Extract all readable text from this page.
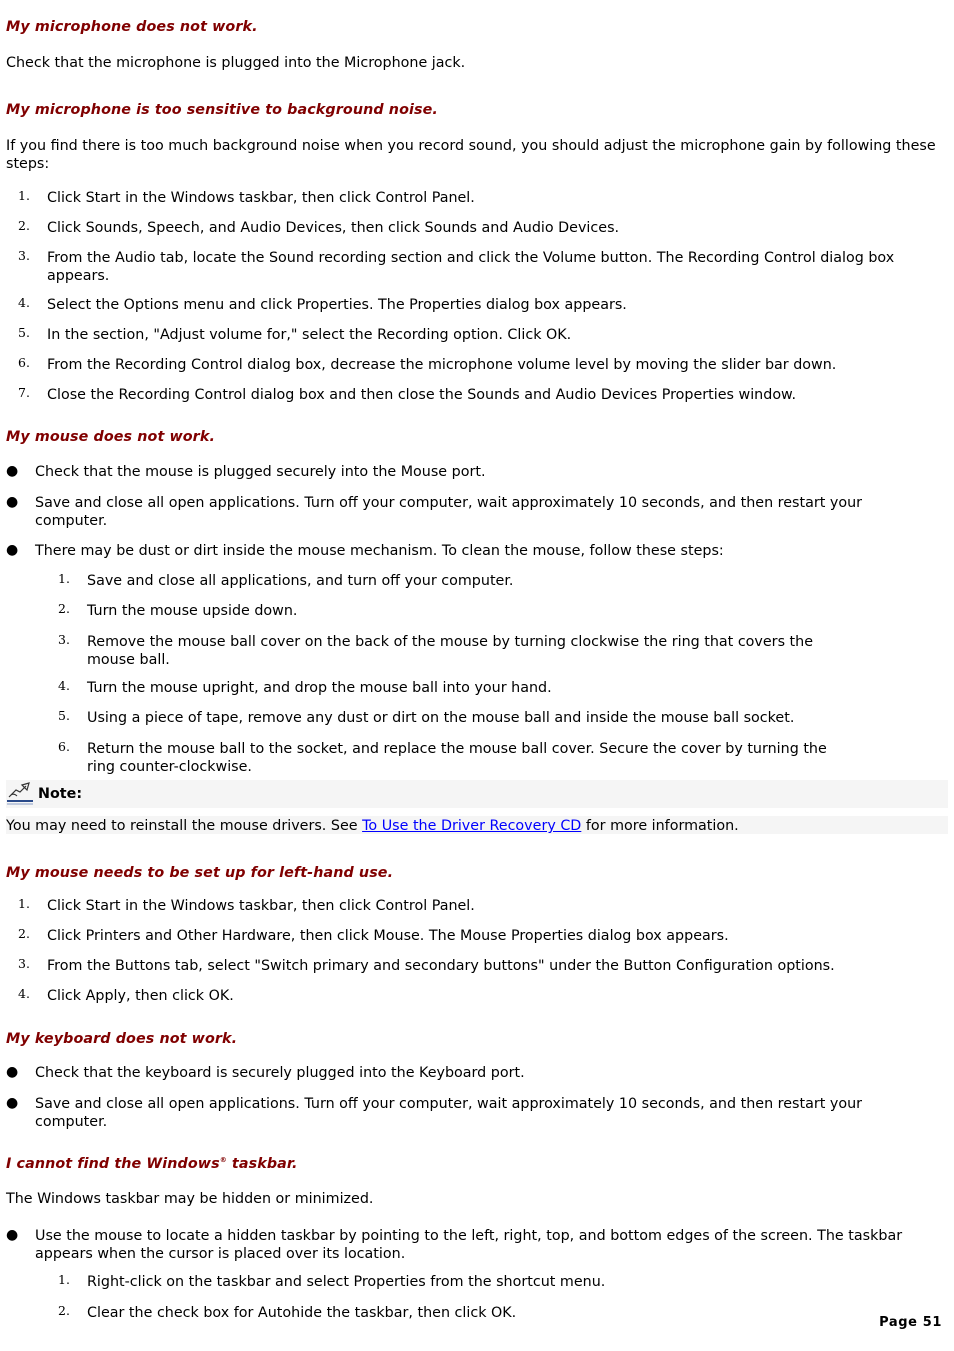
My microphone does not work.

Check that the microphone is plugged into the Microphone jack.

My microphone is too sensitive to background noise.

If you find there is too much background noise when you record sound, you should adjust the microphone gain by following these steps:

1. Click Start in the Windows taskbar, then click Control Panel.
2. Click Sounds, Speech, and Audio Devices, then click Sounds and Audio Devices.
3. From the Audio tab, locate the Sound recording section and click the Volume button. The Recording Control dialog box appears.
4. Select the Options menu and click Properties. The Properties dialog box appears.
5. In the section, "Adjust volume for," select the Recording option. Click OK.
6. From the Recording Control dialog box, decrease the microphone volume level by moving the slider bar down.
7. Close the Recording Control dialog box and then close the Sounds and Audio Devices Properties window.
My mouse does not work.
● Check that the mouse is plugged securely into the Mouse port.
● Save and close all open applications. Turn off your computer, wait approximately 10 seconds, and then restart your computer.
● There may be dust or dirt inside the mouse mechanism. To clean the mouse, follow these steps:
1. Save and close all applications, and turn off your computer.
2. Turn the mouse upside down.
3. Remove the mouse ball cover on the back of the mouse by turning clockwise the ring that covers the mouse ball.
4. Turn the mouse upright, and drop the mouse ball into your hand.
5. Using a piece of tape, remove any dust or dirt on the mouse ball and inside the mouse ball socket.
6. Return the mouse ball to the socket, and replace the mouse ball cover. Secure the cover by turning the ring counter-clockwise.
Note:

You may need to reinstall the mouse drivers. See To Use the Driver Recovery CD for more information.

My mouse needs to be set up for left-hand use.
1. Click Start in the Windows taskbar, then click Control Panel.
2. Click Printers and Other Hardware, then click Mouse. The Mouse Properties dialog box appears.
3. From the Buttons tab, select "Switch primary and secondary buttons" under the Button Configuration options.
4. Click Apply, then click OK.
My keyboard does not work.
● Check that the keyboard is securely plugged into the Keyboard port.
● Save and close all open applications. Turn off your computer, wait approximately 10 seconds, and then restart your computer.
I cannot find the Windows® taskbar.

The Windows taskbar may be hidden or minimized.

● Use the mouse to locate a hidden taskbar by pointing to the left, right, top, and bottom edges of the screen. The taskbar appears when the cursor is placed over its location.
1. Right-click on the taskbar and select Properties from the shortcut menu.
2. Clear the check box for Autohide the taskbar, then click OK.
Page 51
